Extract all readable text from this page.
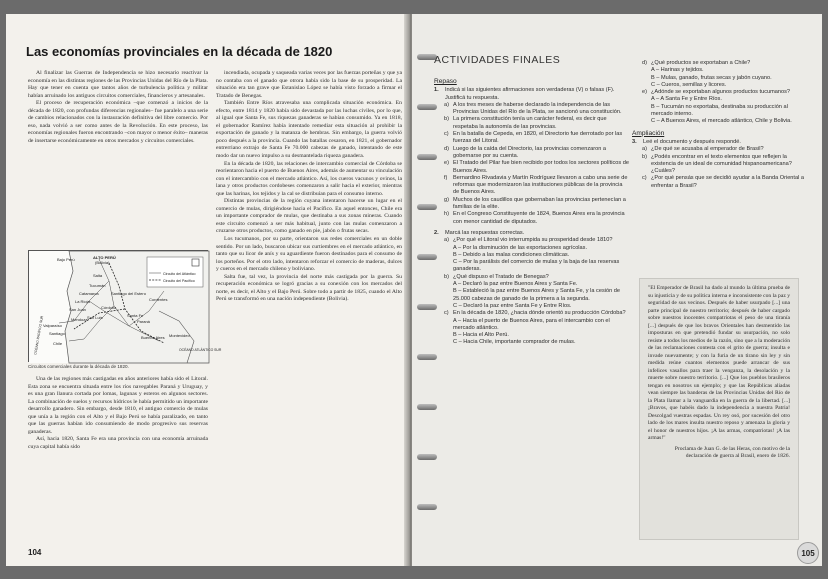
Las economías provinciales en la década de 1820

Al finalizar las Guerras de Independencia se hizo necesario reactivar la economía en las distintas regiones de las Provincias Unidas del Río de la Plata. Hay que tener en cuenta que tantos años de turbulencia política y militar habían arruinado los antiguos circuitos comerciales, financieros y artesanales.

El proceso de recuperación económica –que comenzó a inicios de la década de 1820, con profundas diferencias regionales– fue paralelo a una serie de cambios relacionados con la instauración definitiva del libre comercio. Por eso, nada volvió a ser como antes de la Revolución. En este proceso, las economías regionales fueron encontrando –con mayor o menor éxito– maneras de insertarse económicamente en otros mercados y circuitos comerciales.

Circuito del Atlántico
Circuito del Pacífico
Bajo Perú	ALTO PERÚ
(Bolivia)
Salta
Tucumán
Santiago del Estero
Catamarca
La Rioja
San Juan
Mendoza San Luis
Córdoba
Santa Fe
Corrientes
Paraná
Buenos Aires Montevideo
Valparaíso
Santiago
Chile
OCÉANO PACÍFICO SUR	OCÉANO ATLÁNTICO SUR
Circuitos comerciales durante la década de 1820.

Una de las regiones más castigadas en años anteriores había sido el Litoral. Esta zona se encuentra situada entre los ríos navegables Paraná y Uruguay, y es una gran llanura cortada por lomas, lagunas y esteros en algunos sectores. La combinación de suelos y recursos hídricos le había permitido un importante desarrollo ganadero. Sin embargo, desde 1810, el antiguo comercio de mulas que unía a la región con el Alto y el Bajo Perú se había paralizado, en tanto que las guerras habían ido consumiendo de modo progresivo sus reservas ganaderas.

Así, hacia 1820, Santa Fe era una provincia con una economía arruinada cuya capital había sido

incendiada, ocupada y saqueada varias veces por las fuerzas porteñas y que ya no contaba con el ganado que otrora había sido la base de su prosperidad. La situación era tan grave que Estanislao López se había visto forzado a firmar el Tratado de Benegas.

También Entre Ríos atravesaba una complicada situación económica. En efecto, entre 1814 y 1820 había sido devastada por las luchas civiles, por lo que, al igual que Santa Fe, sus riquezas ganaderas se habían consumido. Ya en 1818, el gobernador Ramírez había intentado remediar esta situación al prohibir la exportación de ganado y la matanza de hembras. Sin embargo, la guerra volvió poco después a la provincia. Cuando las batallas cesaron, en 1821, el gobernador entrerriano extrajo de Santa Fe 70.000 cabezas de ganado, intentando de este modo dar un nuevo impulso a su desmantelada riqueza ganadera.

En la década de 1820, las relaciones de intercambio comercial de Córdoba se reorientaron hacia el puerto de Buenos Aires, además de aumentar su vinculación con el intercambio con el mercado atlántico. Así, los cueros vacunos y ovinos, la lana y otros productos cordobeses comenzaron a salir hacia el exterior, mientras que las harinas, los tejidos y la cal se distribuían para el consumo interno.

Distintas provincias de la región cuyana intentaron hacerse un lugar en el comercio de mulas, dirigiéndose hacia el Pacífico. En aquel entonces, Chile era un importante comprador de mulas, que destinaba a sus zonas mineras. Cuando este circuito comenzó a ser más habitual, junto con las mulas comenzaron a cruzarse otros productos, como ganado en pie, jabón o frutas secas.

Los tucumanos, por su parte, orientaron sus redes comerciales en un doble sentido. Por un lado, buscaron ubicar sus curtiembres en el mercado atlántico, en tanto que su licor de anís y su aguardiente fueron destinados para el consumo de los porteños. Por el otro lado, intentaron reforzar el comercio de maderas, dulces y cueros en el mercado chileno y boliviano.

Salta fue, tal vez, la provincia del norte más castigada por la guerra. Su recuperación económica se logró gracias a su conexión con los mercados del norte, es decir, el Alto y el Bajo Perú. Sobre todo a partir de 1825, cuando el Alto Perú se transformó en una nación independiente (Bolivia).

104
ACTIVIDADES FINALES
Repaso
1.	Indicá si las siguientes afirmaciones son verdaderas (V) o falsas (F). Justificá tu respuesta.
a) A los tres meses de haberse declarado la independencia de las Provincias Unidas del Río de la Plata, se sancionó una constitución.
b) La primera constitución tenía un carácter federal, es decir que respetaba la autonomía de las provincias.
c) En la batalla de Cepeda, en 1820, el Directorio fue derrotado por las fuerzas del Litoral.
d) Luego de la caída del Directorio, las provincias comenzaron a gobernarse por su cuenta.
e) El Tratado del Pilar fue bien recibido por todos los sectores políticos de Buenos Aires.
f) Bernardino Rivadavia y Martín Rodríguez llevaron a cabo una serie de reformas que modernizaron las instituciones públicas de la provincia de Buenos Aires.
g) Muchos de los caudillos que gobernaban las provincias pertenecían a familias de la elite.
h) En el Congreso Constituyente de 1824, Buenos Aires era la provincia con menor cantidad de diputados.
2.	Marcá las respuestas correctas.
a) ¿Por qué el Litoral vio interrumpida su prosperidad desde 1810?
A – Por la disminución de las exportaciones agrícolas.
B – Debido a las malas condiciones climáticas.
C – Por la parálisis del comercio de mulas y la baja de las reservas ganaderas.
b) ¿Qué dispuso el Tratado de Benegas?
A – Declaró la paz entre Buenos Aires y Santa Fe.
B – Estableció la paz entre Buenos Aires y Santa Fe, y la cesión de 25.000 cabezas de ganado de la primera a la segunda.
C – Declaró la paz entre Santa Fe y Entre Ríos.
c) En la década de 1820, ¿hacia dónde orientó su producción Córdoba?
A – Hacia el puerto de Buenos Aires, para el intercambio con el mercado atlántico.
B – Hacia el Alto Perú.
C – Hacia Chile, importante comprador de mulas.
d) ¿Qué productos se exportaban a Chile?
A – Harinas y tejidos.
B – Mulas, ganado, frutas secas y jabón cuyano.
C – Cueros, semillas y licores.
e) ¿Adónde se exportaban algunos productos tucumanos?
A – A Santa Fe y Entre Ríos.
B – Tucumán no exportaba, destinaba su producción al mercado interno.
C – A Buenos Aires, el mercado atlántico, Chile y Bolivia.
Ampliación
3.	Leé el documento y después respondé.
a) ¿De qué se acusaba al emperador de Brasil?
b) ¿Podés encontrar en el texto elementos que reflejen la existencia de un ideal de comunidad hispanoamericana? ¿Cuáles?
c) ¿Por qué pensás que se decidió ayudar a la Banda Oriental a enfrentar a Brasil?
"El Emperador de Brasil ha dado al mundo la última prueba de su injusticia y de su política interna e inconsistente con la paz y seguridad de sus vecinos. Después de haber usurpado [...] una parte principal de nuestro territorio; después de haber cargado sobre nuestros inocentes compatriotas el peso de una tiranía [...] después de que los bravos Orientales han desmentido las imposturas en que pretendió fundar su usurpación, no solo resiste a todos los medios de la razón, sino que a la moderación de las reclamaciones contesta con el grito de guerra; insulta e invade nuevamente; y con la furia de un tirano sin ley y sin medida reúne cuantos elementos puede arrancar de sus infelices vasallos para traer la venganza, la desolación y la muerte sobre nuestro territorio. [...] Que los pueblos brasileros tengan en nosotros un ejemplo; y que las Repúblicas aliadas vean siempre las banderas de las Provincias Unidas del Río de la Plata llamar a la vanguardia en la guerra de la libertad. [...] ¡Bravos, que habéis dado la independencia a nuestra Patria! Descolgad vuestras espadas. Un rey osó, por sucesión del otro lado de los mares insulta nuestro reposo y amenaza la gloria y el honor de nuestros hijos. ¡A las armas, compatriotas! ¡A las armas!"
Proclama de Juan G. de las Heras, con motivo de la declaración de guerra al Brasil, enero de 1826.
105
